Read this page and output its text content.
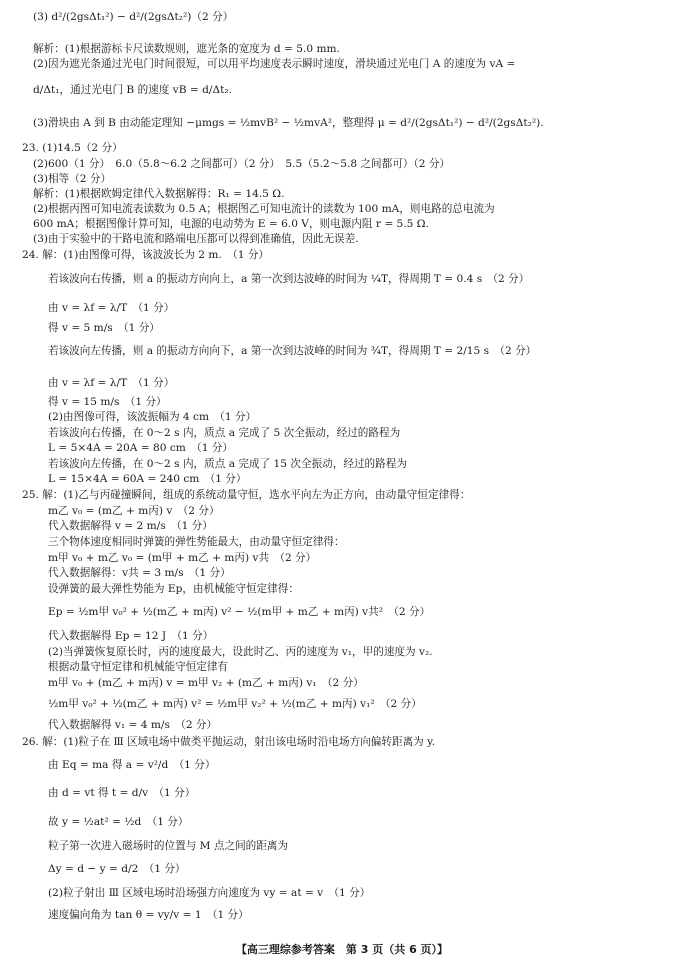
(3) d²/(2gsΔt₁²) − d²/(2gsΔt₂²)（2 分）
解析：(1)根据游标卡尺读数规则，遮光条的宽度为 d = 5.0 mm.
(2)因为遮光条通过光电门时间很短，可以用平均速度表示瞬时速度，滑块通过光电门 A 的速度为 vA =
d/Δt₁，通过光电门 B 的速度 vB = d/Δt₂.
(3)滑块由 A 到 B 由动能定理知 −μmgs = ½mvB² − ½mvA²，整理得 μ = d²/(2gsΔt₁²) − d²/(2gsΔt₂²).
23. (1)14.5（2 分）
(2)600（1 分）　6.0（5.8～6.2 之间都可）（2 分）　5.5（5.2～5.8 之间都可）（2 分）
(3)相等（2 分）
解析：(1)根据欧姆定律代入数据解得：R₁ = 14.5 Ω.
(2)根据丙图可知电流表读数为 0.5 A；根据图乙可知电流计的读数为 100 mA，则电路的总电流为
600 mA；根据图像计算可知，电源的电动势为 E = 6.0 V，则电源内阻 r = 5.5 Ω.
(3)由于实验中的干路电流和路端电压都可以得到准确值，因此无误差.
24. 解：(1)由图像可得，该波波长为 2 m.　（1 分）
若该波向右传播，则 a 的振动方向向上，a 第一次到达波峰的时间为 ¼T，得周期 T = 0.4 s　（2 分）
由 v = λf = λ/T　（1 分）
得 v = 5 m/s　（1 分）
若该波向左传播，则 a 的振动方向向下，a 第一次到达波峰的时间为 ¾T，得周期 T = 2/15 s　（2 分）
由 v = λf = λ/T　（1 分）
得 v = 15 m/s　（1 分）
(2)由图像可得，该波振幅为 4 cm　（1 分）
若该波向右传播，在 0～2 s 内，质点 a 完成了 5 次全振动，经过的路程为
L = 5×4A = 20A = 80 cm　（1 分）
若该波向左传播，在 0～2 s 内，质点 a 完成了 15 次全振动，经过的路程为
L = 15×4A = 60A = 240 cm　（1 分）
25. 解：(1)乙与丙碰撞瞬间，组成的系统动量守恒，选水平向左为正方向，由动量守恒定律得：
m乙 v₀ = (m乙 + m丙) v　（2 分）
代入数据解得 v = 2 m/s　（1 分）
三个物体速度相同时弹簧的弹性势能最大，由动量守恒定律得：
m甲 v₀ + m乙 v₀ = (m甲 + m乙 + m丙) v共　（2 分）
代入数据解得：v共 = 3 m/s　（1 分）
设弹簧的最大弹性势能为 Ep，由机械能守恒定律得：
Ep = ½m甲 v₀² + ½(m乙 + m丙) v² − ½(m甲 + m乙 + m丙) v共²　（2 分）
代入数据解得 Ep = 12 J　（1 分）
(2)当弹簧恢复原长时，丙的速度最大，设此时乙、丙的速度为 v₁，甲的速度为 v₂.
根据动量守恒定律和机械能守恒定律有
m甲 v₀ + (m乙 + m丙) v = m甲 v₂ + (m乙 + m丙) v₁　（2 分）
½m甲 v₀² + ½(m乙 + m丙) v² = ½m甲 v₂² + ½(m乙 + m丙) v₁²　（2 分）
代入数据解得 v₁ = 4 m/s　（2 分）
26. 解：(1)粒子在 Ⅲ 区域电场中做类平抛运动，射出该电场时沿电场方向偏转距离为 y.
由 Eq = ma 得 a = v²/d　（1 分）
由 d = vt 得 t = d/v　（1 分）
故 y = ½at² = ½d　（1 分）
粒子第一次进入磁场时的位置与 M 点之间的距离为
Δy = d − y = d/2　（1 分）
(2)粒子射出 Ⅲ 区域电场时沿场强方向速度为 vy = at = v　（1 分）
速度偏向角为 tan θ = vy/v = 1　（1 分）
【高三理综参考答案　第 3 页（共 6 页）】
